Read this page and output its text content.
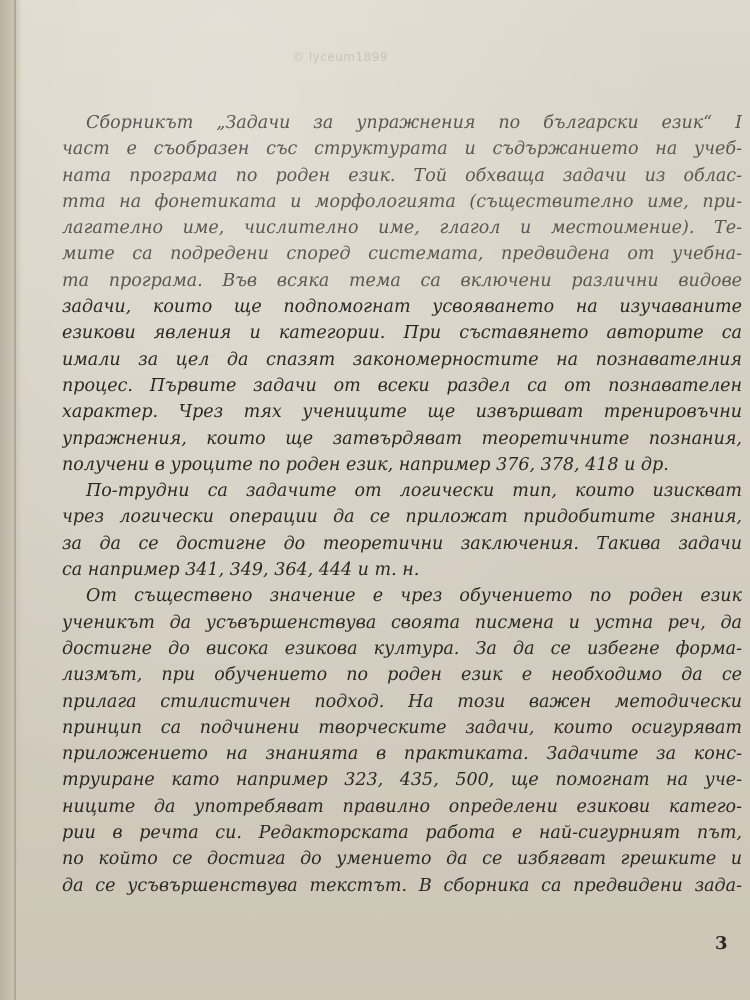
© lyceum1899
Сборникът „Задачи за упражнения по български език“ I
част е съобразен със структурата и съдържанието на учеб-
ната програма по роден език. Той обхваща задачи из облас-
тта на фонетиката и морфологията (съществително име, при-
лагателно име, числително име, глагол и местоимение). Те-
мите са подредени според системата, предвидена от учебна-
та програма. Във всяка тема са включени различни видове
задачи, които ще подпомогнат усвояването на изучаваните
езикови явления и категории. При съставянето авторите са
имали за цел да спазят закономерностите на познавателния
процес. Първите задачи от всеки раздел са от познавателен
характер. Чрез тях учениците ще извършват тренировъчни
упражнения, които ще затвърдяват теоретичните познания,
получени в уроците по роден език, например 376, 378, 418 и др.
По-трудни са задачите от логически тип, които изискват
чрез логически операции да се приложат придобитите знания,
за да се достигне до теоретични заключения. Такива задачи
са например 341, 349, 364, 444 и т. н.
От съществено значение е чрез обучението по роден език
ученикът да усъвършенствува своята писмена и устна реч, да
достигне до висока езикова култура. За да се избегне форма-
лизмът, при обучението по роден език е необходимо да се
прилага стилистичен подход. На този важен методически
принцип са подчинени творческите задачи, които осигуряват
приложението на знанията в практиката. Задачите за конс-
труиране като например 323, 435, 500, ще помогнат на уче-
ниците да употребяват правилно определени езикови катего-
рии в речта си. Редакторската работа е най-сигурният път,
по който се достига до умението да се избягват грешките и
да се усъвършенствува текстът. В сборника са предвидени зада-
3
